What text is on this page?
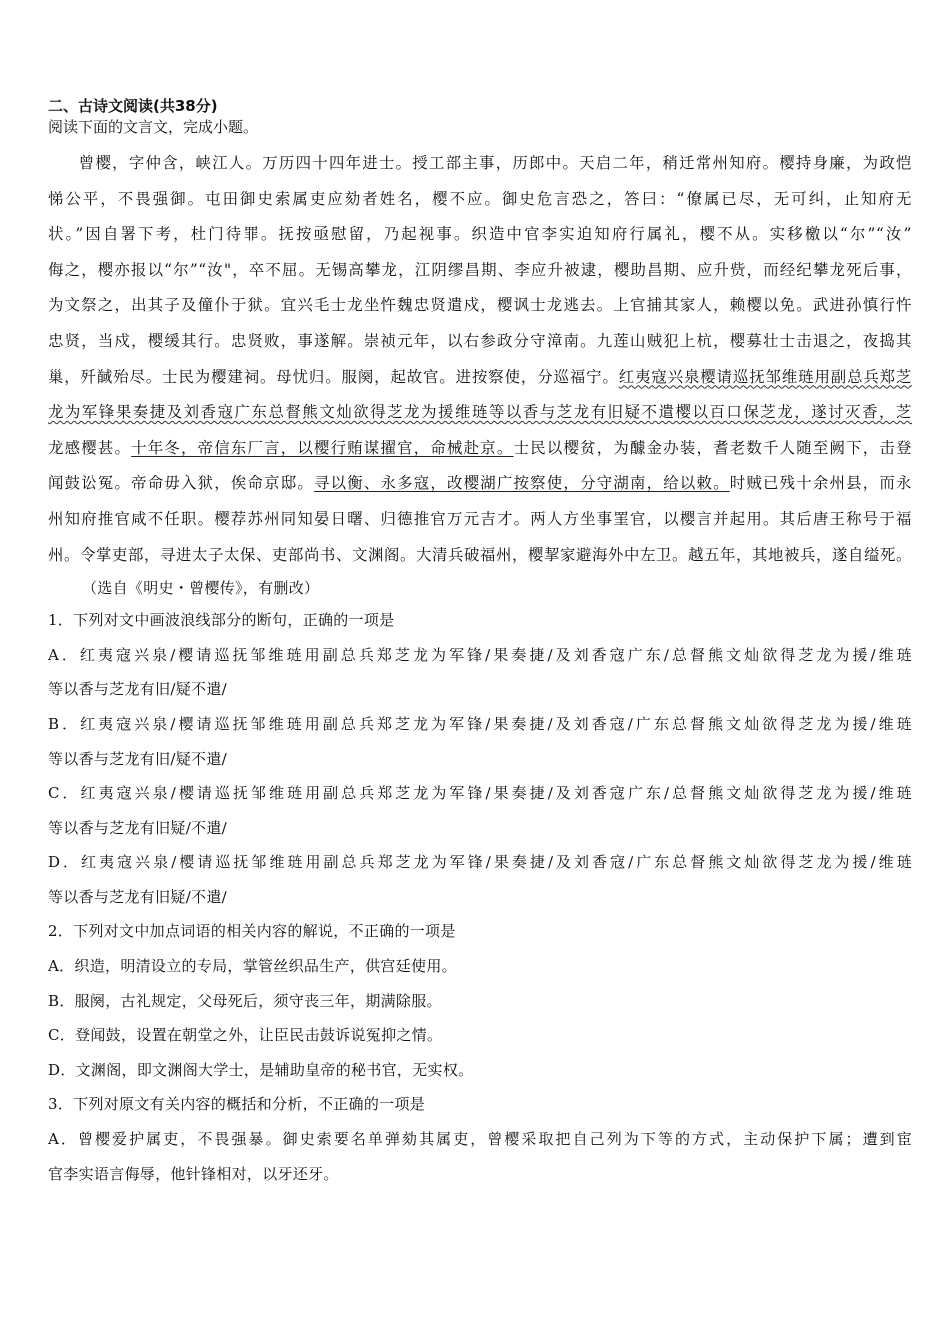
二、古诗文阅读(共38分)
阅读下面的文言文，完成小题。
曾樱，字仲含，峡江人。万历四十四年进士。授工部主事，历郎中。天启二年，稍迁常州知府。樱持身廉，为政恺
悌公平，不畏强御。屯田御史索属吏应劾者姓名，樱不应。御史危言恐之，答曰：“僚属已尽，无可纠，止知府无
状。”因自署下考，杜门待罪。抚按亟慰留，乃起视事。织造中官李实迫知府行属礼，樱不从。实移檄以“尔”“汝”
侮之，樱亦报以“尔”“汝"，卒不屈。无锡高攀龙，江阴缪昌期、李应升被逮，樱助昌期、应升赀，而经纪攀龙死后事，
为文祭之，出其子及僮仆于狱。宜兴毛士龙坐忤魏忠贤遣戍，樱讽士龙逃去。上官捕其家人，赖樱以免。武进孙慎行忤
忠贤，当戍，樱缓其行。忠贤败，事遂解。崇祯元年，以右参政分守漳南。九莲山贼犯上杭，樱募壮士击退之，夜捣其
巢，歼馘殆尽。士民为樱建祠。母忧归。服阕，起故官。进按察使，分巡福宁。红夷寇兴泉樱请巡抚邹维琏用副总兵郑芝
龙为军锋果奏捷及刘香寇广东总督熊文灿欲得芝龙为援维琏等以香与芝龙有旧疑不遣樱以百口保芝龙，遂讨灭香，芝
龙感樱甚。十年冬，帝信东厂言，以樱行贿谋擢官，命械赴京。士民以樱贫，为醵金办装，耆老数千人随至阙下，击登
闻鼓讼冤。帝命毋入狱，俟命京邸。寻以衡、永多寇，改樱湖广按察使，分守湖南，给以敕。时贼已残十余州县，而永
州知府推官咸不任职。樱荐苏州同知晏日曙、归德推官万元吉才。两人方坐事罣官，以樱言并起用。其后唐王称号于福
州。令掌吏部，寻进太子太保、吏部尚书、文渊阁。大清兵破福州，樱挈家避海外中左卫。越五年，其地被兵，遂自缢死。
（选自《明史・曾樱传》，有删改）
1．下列对文中画波浪线部分的断句，正确的一项是
A．红夷寇兴泉∕樱请巡抚邹维琏用副总兵郑芝龙为军锋∕果奏捷∕及刘香寇广东∕总督熊文灿欲得芝龙为援∕维琏
等以香与芝龙有旧∕疑不遣∕
B．红夷寇兴泉∕樱请巡抚邹维琏用副总兵郑芝龙为军锋∕果奏捷∕及刘香寇∕广东总督熊文灿欲得芝龙为援∕维琏
等以香与芝龙有旧∕疑不遣∕
C．红夷寇兴泉∕樱请巡抚邹维琏用副总兵郑芝龙为军锋∕果奏捷∕及刘香寇广东∕总督熊文灿欲得芝龙为援∕维琏
等以香与芝龙有旧疑∕不遣∕
D．红夷寇兴泉∕樱请巡抚邹维琏用副总兵郑芝龙为军锋∕果奏捷∕及刘香寇∕广东总督熊文灿欲得芝龙为援∕维琏
等以香与芝龙有旧疑∕不遣∕
2．下列对文中加点词语的相关内容的解说，不正确的一项是
A．织造，明清设立的专局，掌管丝织品生产，供宫廷使用。
B．服阕，古礼规定，父母死后，须守丧三年，期满除服。
C．登闻鼓，设置在朝堂之外，让臣民击鼓诉说冤抑之情。
D．文渊阁，即文渊阁大学士，是辅助皇帝的秘书官，无实权。
3．下列对原文有关内容的概括和分析，不正确的一项是
A．曾樱爱护属吏，不畏强暴。御史索要名单弹劾其属吏，曾樱采取把自己列为下等的方式，主动保护下属；遭到宦
官李实语言侮辱，他针锋相对，以牙还牙。
